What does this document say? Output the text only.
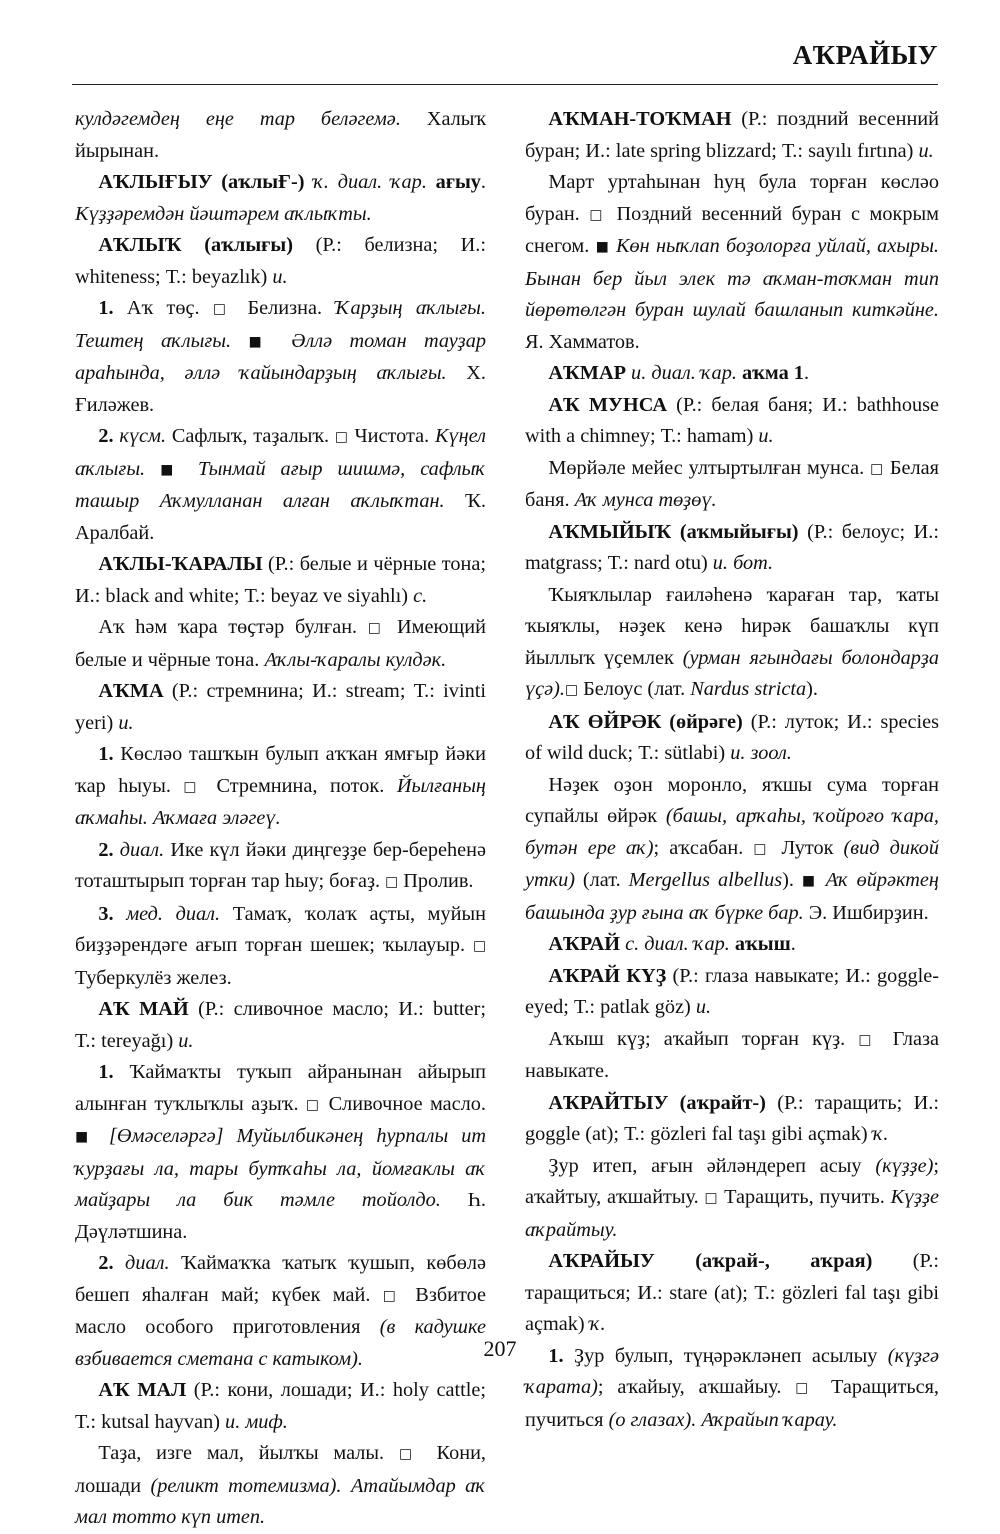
АҠРАЙЫУ

кулдәгемдең еңе тар беләгемә. Халыҡ йырынан.

АҠЛЫҒЫУ (аҡлыҒ-) ҡ. диал. ҡар. ағыу. Күҙҙәремдән йәштәрем аҡлыҡты.

АҠЛЫҠ (аҡлығы) (Р.: белизна; И.: whiteness; Т.: beyazlık) и.

1. Аҡ төҫ. □ Белизна. Ҡарҙың аҡлығы. Тештең аҡлығы. ■ Әллә томан тауҙар араһында, әллә ҡайындарҙың аҡлығы. Х. Ғиләжев.

2. күсм. Сафлыҡ, таҙалыҡ. □ Чистота. Күңел аҡлығы. ■ Тынмай ағыр шишмә, сафлыҡ ташыр Аҡмулланан алған аҡлыҡтан. Ҡ. Аралбай.

АҠЛЫ-ҠАРАЛЫ (Р.: белые и чёрные тона; И.: black and white; Т.: beyaz ve siyahlı) с.

Аҡ һәм ҡара төҫтәр булған. □ Имеющий белые и чёрные тона. Аҡлы-ҡаралы кулдәк.

АҠМА (Р.: стремнина; И.: stream; Т.: ivinti yeri) и.

1. Көсләо ташҡын булып аҡҡан ямғыр йәки ҡар һыуы. □ Стремнина, поток. Йылғаның аҡмаһы. Аҡмаға эләгеү.

2. диал. Ике күл йәки диңгеҙҙе бер-береһенә тоташтырып торған тар һыу; боғаҙ. □ Пролив.

3. мед. диал. Тамаҡ, ҡолаҡ аҫты, муйын биҙҙәрендәге ағып торған шешек; ҡылауыр. □ Туберкулёз желез.

АҠ МАЙ (Р.: сливочное масло; И.: butter; Т.: tereyağı) и.

1. Ҡаймаҡты туҡып айранынан айырып алынған туҡлыҡлы аҙыҡ. □ Сливочное масло. ■ [Өмәселәргә] Муйылбикәнең һурпалы ит ҡурҙағы ла, тары бутҡаһы ла, йомғаклы аҡ майҙары ла бик тәмле тойолдо. Һ. Дәүләтшина.

2. диал. Ҡаймаҡҡа ҡатыҡ ҡушып, көбөлә бешеп яһалған май; күбек май. □ Взбитое масло особого приготовления (в кадушке взбивается сметана с катыком).

АҠ МАЛ (Р.: кони, лошади; И.: holy cattle; Т.: kutsal hayvan) и. миф.

Таҙа, изге мал, йылҡы малы. □ Кони, лошади (реликт тотемизма). Атайымдар аҡ мал тотто күп итеп.

АҠМАН-ТОҠМАН (Р.: поздний весенний буран; И.: late spring blizzard; Т.: sayılı fırtına) и.

Март уртаһынан һуң була торған көсләо буран. □ Поздний весенний буран с мокрым снегом. ■ Көн ныҡлап боҙолорға уйлай, ахыры. Бынан бер йыл элек тә аҡман-тоҡман тип йөрөтөлгән буран шулай башланып киткәйне. Я. Хамматов.

АҠМАР и. диал. ҡар. аҡма 1.

АҠ МУНСА (Р.: белая баня; И.: bathhouse with a chimney; Т.: hamam) и.

Мөрйәле мейес ултыртылған мунса. □ Белая баня. Аҡ мунса төҙөү.

АҠМЫЙЫҠ (аҡмыйығы) (Р.: белоус; И.: matgrass; Т.: nard otu) и. бот.

Ҡыяҡлылар ғаиләһенә ҡараған тар, ҡаты ҡыяҡлы, нәҙек кенә һирәк башаҡлы күп йыллыҡ үҫемлек (урман ягындағы болондарҙа үҫә).□ Белоус (лат. Nardus stricta).

АҠ ӨЙРӘК (өйрәге) (Р.: луток; И.: species of wild duck; Т.: sütlabi) и. зоол.

Нәҙек оҙон моронло, яҡшы сума торған супайлы өйрәк (башы, арҡаһы, ҡойроғо ҡара, бутән ере аҡ); аҡсабан. □ Луток (вид дикой утки) (лат. Mergellus albellus). ■ Аҡ өйрәктең башында ҙур ғына аҡ бүрке бар. Э. Ишбирҙин.

АҠРАЙ с. диал. ҡар. аҡыш.

АҠРАЙ КҮҘ (Р.: глаза навыкате; И.: goggle-eyed; Т.: patlak göz) и.

Аҡыш күҙ; аҡайып торған күҙ. □ Глаза навыкате.

АҠРАЙТЫУ (аҡрайт-) (Р.: таращить; И.: goggle (at); Т.: gözleri fal taşı gibi açmak) ҡ.

Ҙур итеп, ағын әйләндереп асыу (күҙҙе); аҡайтыу, аҡшайтыу. □ Таращить, пучить. Күҙҙе аҡрайтыу.

АҠРАЙЫУ (аҡрай-, аҡрая) (Р.: таращиться; И.: stare (at); Т.: gözleri fal taşı gibi açmak) ҡ.

1. Ҙур булып, түңәрәкләнеп асылыу (күҙгә ҡарата); аҡайыу, аҡшайыу. □ Таращиться, пучиться (о глазах). Аҡрайып ҡарау.

207
